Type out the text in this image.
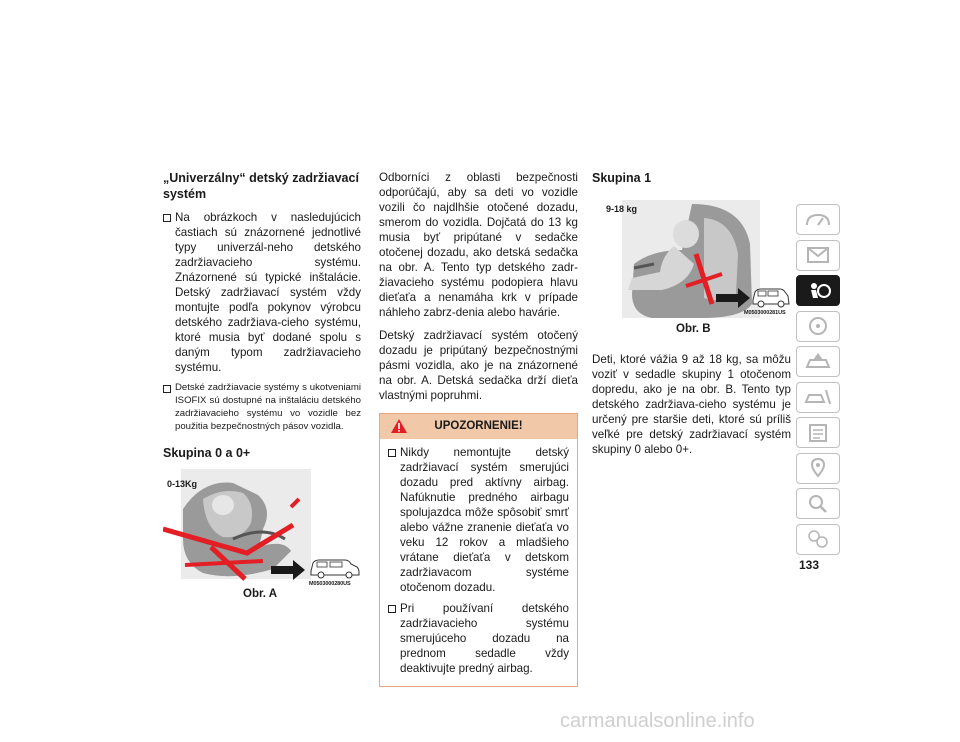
„Univerzálny“ detský zadržiavací systém
Na obrázkoch v nasledujúcich častiach sú znázornené jednotlivé typy univerzál-neho detského zadržiavacieho systému. Znázornené sú typické inštalácie. Detský zadržiavací systém vždy montujte podľa pokynov výrobcu detského zadržiava-cieho systému, ktoré musia byť dodané spolu s daným typom zadržiavacieho systému.
Detské zadržiavacie systémy s ukotveniami ISOFIX sú dostupné na inštaláciu detského zadržiavacieho systému vo vozidle bez použitia bezpečnostných pásov vozidla.
Skupina 0 a 0+
0-13Kg
M0503000280US
Obr. A

Odborníci z oblasti bezpečnosti odporúčajú, aby sa deti vo vozidle vozili čo najdlhšie otočené dozadu, smerom do vozidla. Dojčatá do 13 kg musia byť pripútané v sedačke otočenej dozadu, ako detská sedačka na obr. A. Tento typ detského zadr-žiavacieho systému podopiera hlavu dieťaťa a nenamáha krk v prípade náhleho zabrz-denia alebo havárie.

Detský zadržiavací systém otočený dozadu je pripútaný bezpečnostnými pásmi vozidla, ako je na znázornené na obr. A. Detská sedačka drží dieťa vlastnými popruhmi.

UPOZORNENIE!
Nikdy nemontujte detský zadržiavací systém smerujúci dozadu pred aktívny airbag. Nafúknutie predného airbagu spolujazdca môže spôsobiť smrť alebo vážne zranenie dieťaťa vo veku 12 rokov a mladšieho vrátane dieťaťa v detskom zadržiavacom systéme otočenom dozadu.
Pri používaní detského zadržiavacieho systému smerujúceho dozadu na prednom sedadle vždy deaktivujte predný airbag.
Skupina 1
9-18 kg
M0503000281US
Obr. B

Deti, ktoré vážia 9 až 18 kg, sa môžu voziť v sedadle skupiny 1 otočenom dopredu, ako je na obr. B. Tento typ detského zadržiava-cieho systému je určený pre staršie deti, ktoré sú príliš veľké pre detský zadržiavací systém skupiny 0 alebo 0+.

133
carmanualsonline.info
